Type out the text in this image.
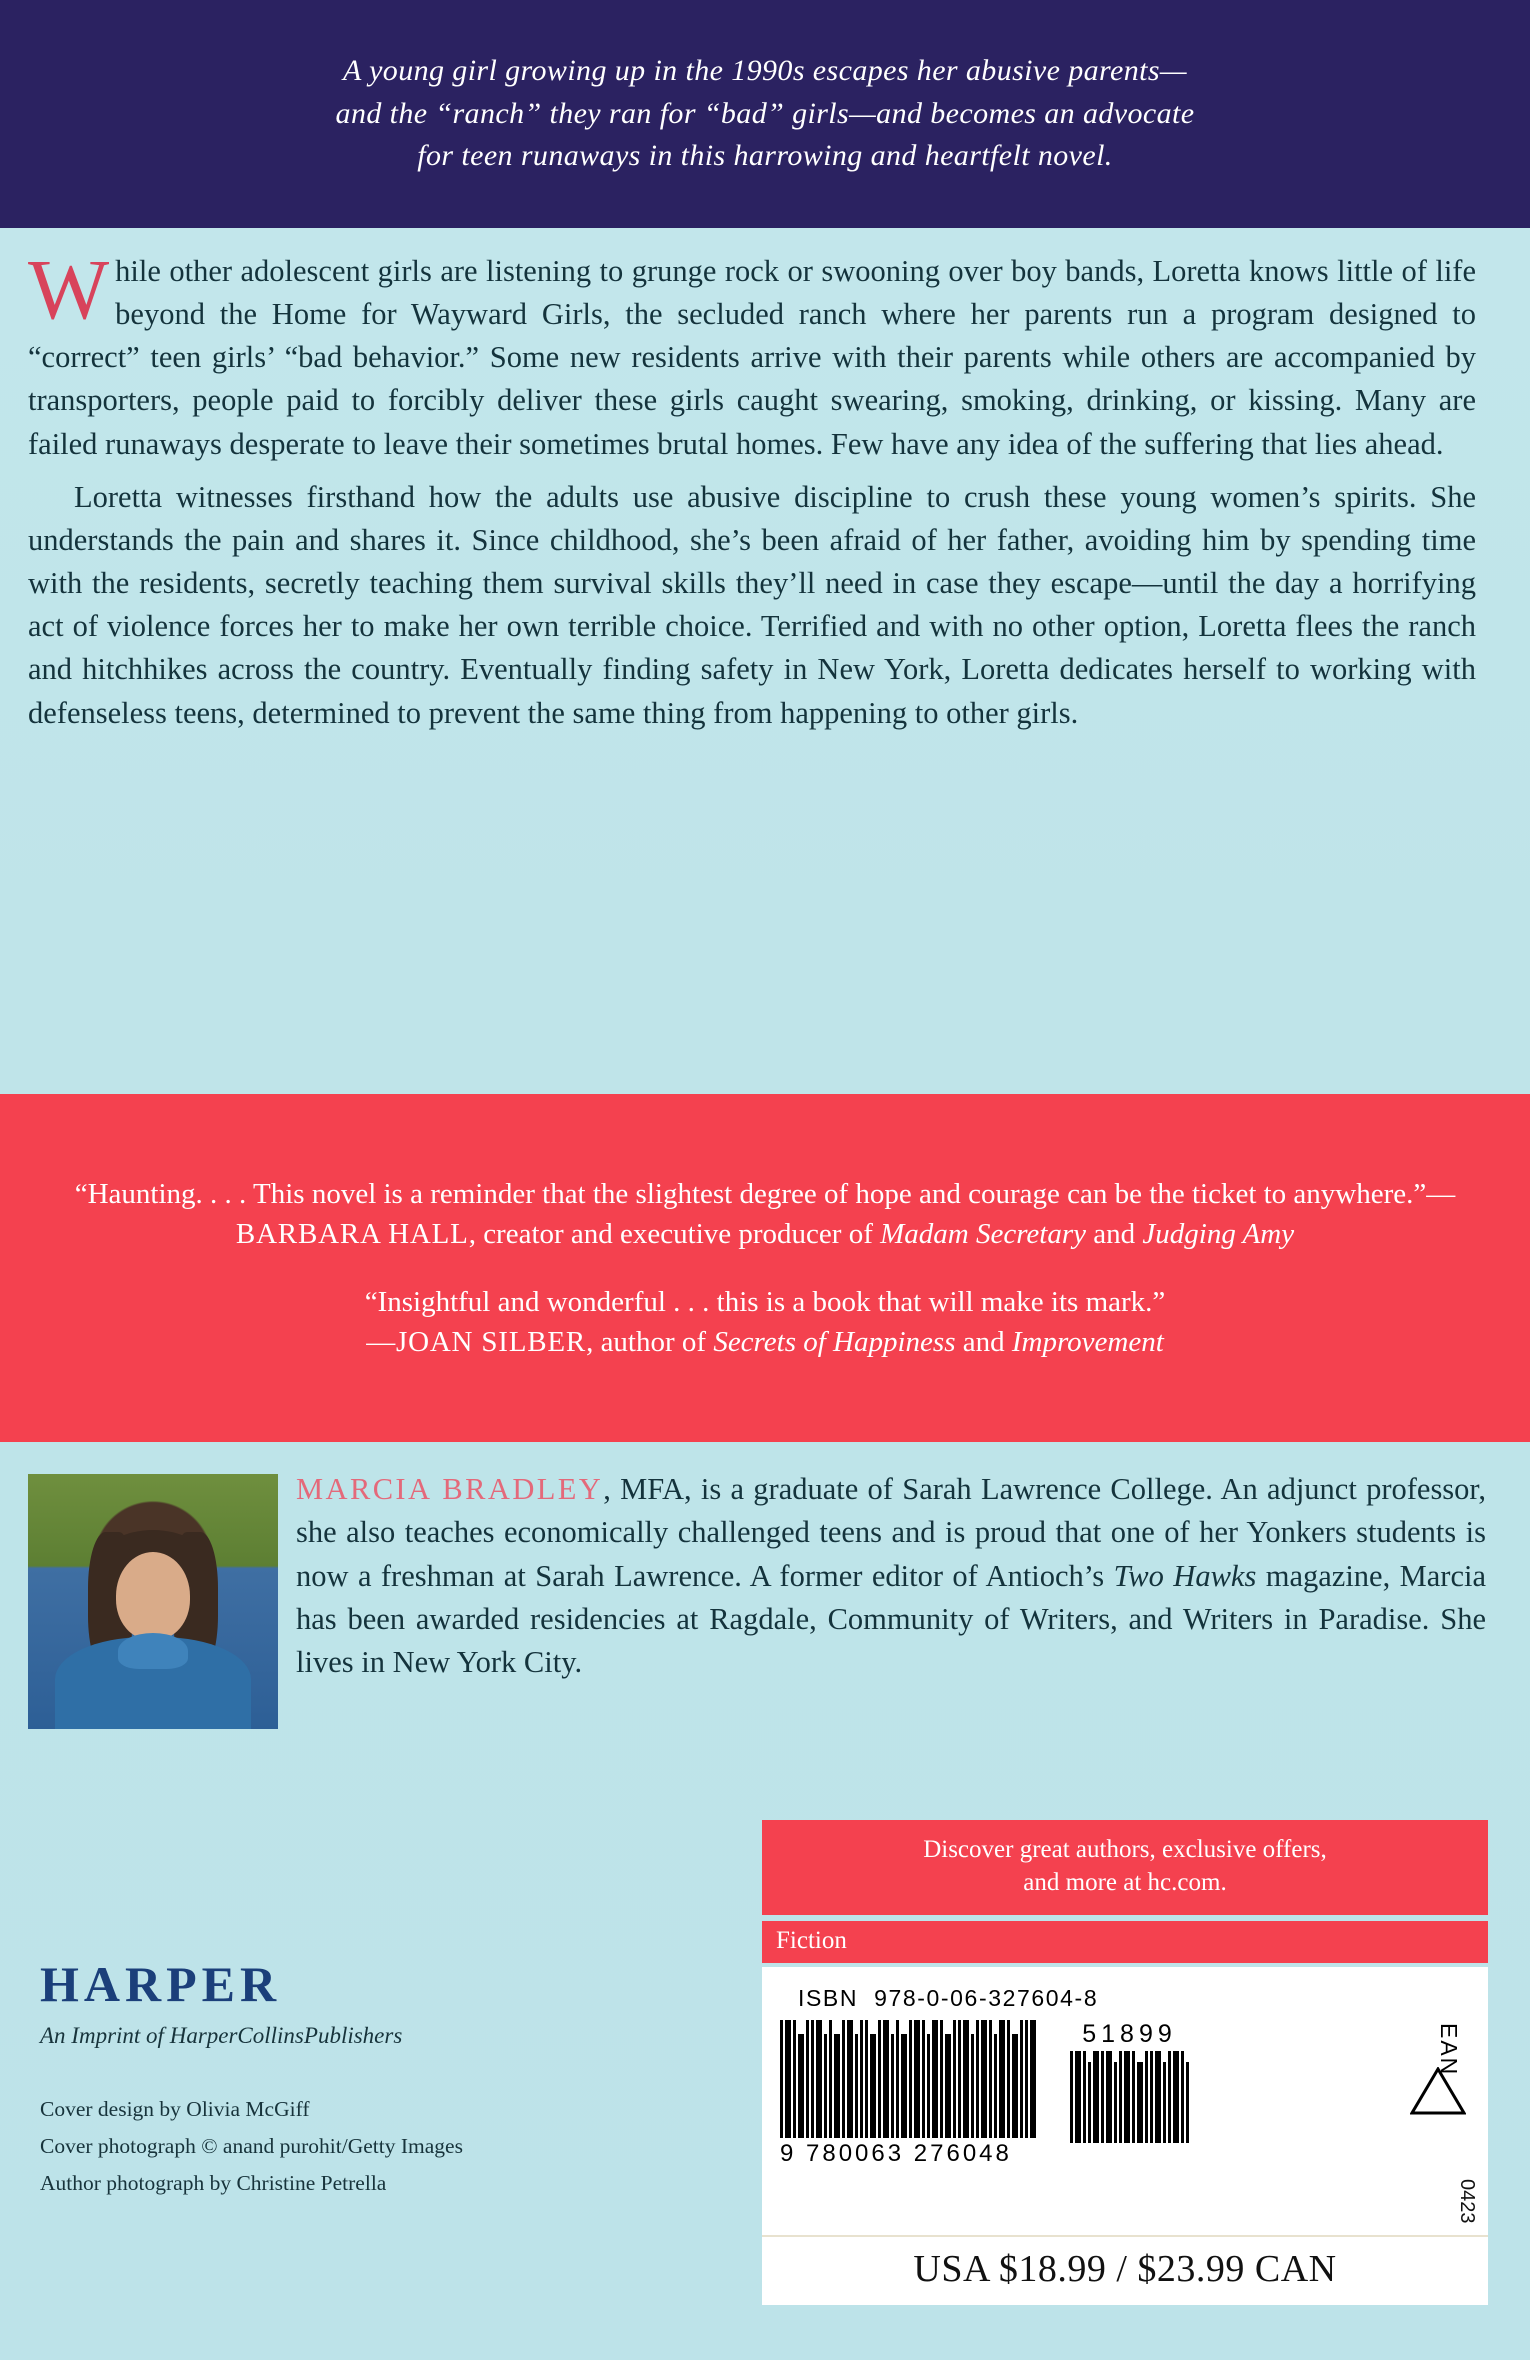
A young girl growing up in the 1990s escapes her abusive parents—
and the “ranch” they ran for “bad” girls—and becomes an advocate
for teen runaways in this harrowing and heartfelt novel.

While other adolescent girls are listening to grunge rock or swooning over boy bands, Loretta knows little of life beyond the Home for Wayward Girls, the secluded ranch where her parents run a program designed to “correct” teen girls’ “bad behavior.” Some new residents arrive with their parents while others are accompanied by transporters, people paid to forcibly deliver these girls caught swearing, smoking, drinking, or kissing. Many are failed runaways desperate to leave their sometimes brutal homes. Few have any idea of the suffering that lies ahead.

Loretta witnesses firsthand how the adults use abusive discipline to crush these young women’s spirits. She understands the pain and shares it. Since childhood, she’s been afraid of her father, avoiding him by spending time with the residents, secretly teaching them survival skills they’ll need in case they escape—until the day a horrifying act of violence forces her to make her own terrible choice. Terrified and with no other option, Loretta flees the ranch and hitchhikes across the country. Eventually finding safety in New York, Loretta dedicates herself to working with defenseless teens, determined to prevent the same thing from happening to other girls.

“Haunting. . . . This novel is a reminder that the slightest degree of hope and courage can be the ticket to anywhere.”— BARBARA HALL, creator and executive producer of Madam Secretary and Judging Amy
“Insightful and wonderful . . . this is a book that will make its mark.”
—JOAN SILBER, author of Secrets of Happiness and Improvement
MARCIA BRADLEY, MFA, is a graduate of Sarah Lawrence College. An adjunct professor, she also teaches economically challenged teens and is proud that one of her Yonkers students is now a freshman at Sarah Lawrence. A former editor of Antioch’s Two Hawks magazine, Marcia has been awarded residencies at Ragdale, Community of Writers, and Writers in Paradise. She lives in New York City.
HARPER
An Imprint of HarperCollinsPublishers
Cover design by Olivia McGiff
Cover photograph © anand purohit/Getty Images
Author photograph by Christine Petrella
Discover great authors, exclusive offers,
and more at hc.com.
Fiction
ISBN 978-0-06-327604-8
9 780063 276048
51899	EAN
0423
USA $18.99 / $23.99 CAN
